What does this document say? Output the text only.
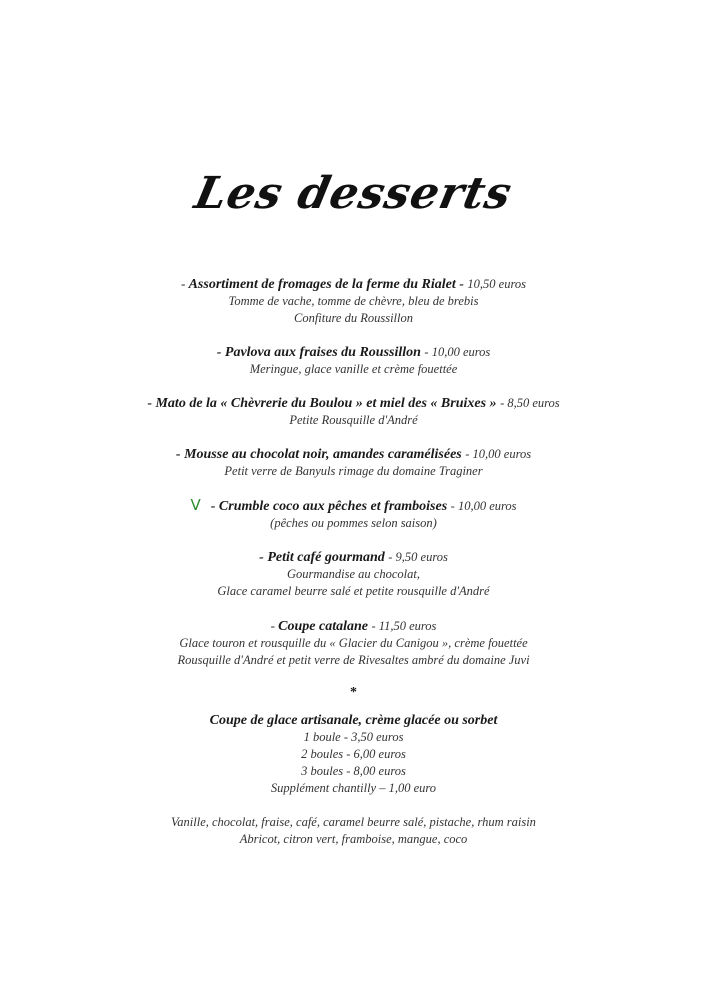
Les desserts
- Assortiment de fromages de la ferme du Rialet - 10,50 euros
Tomme de vache, tomme de chèvre, bleu de brebis
Confiture du Roussillon
- Pavlova aux fraises du Roussillon - 10,00 euros
Meringue, glace vanille et crème fouettée
- Mato de la « Chèvrerie du Boulou » et miel des « Bruixes » - 8,50 euros
Petite Rousquille d'André
- Mousse au chocolat noir, amandes caramélisées - 10,00 euros
Petit verre de Banyuls rimage du domaine Traginer
V - Crumble coco aux pêches et framboises - 10,00 euros
(pêches ou pommes selon saison)
- Petit café gourmand - 9,50 euros
Gourmandise au chocolat,
Glace caramel beurre salé et petite rousquille d'André
- Coupe catalane - 11,50 euros
Glace touron et rousquille du « Glacier du Canigou », crème fouettée
Rousquille d'André et petit verre de Rivesaltes ambré du domaine Juvi
*
Coupe de glace artisanale, crème glacée ou sorbet
1 boule - 3,50 euros
2 boules - 6,00 euros
3 boules - 8,00 euros
Supplément chantilly – 1,00 euro
Vanille, chocolat, fraise, café, caramel beurre salé, pistache, rhum raisin
Abricot, citron vert, framboise, mangue, coco
